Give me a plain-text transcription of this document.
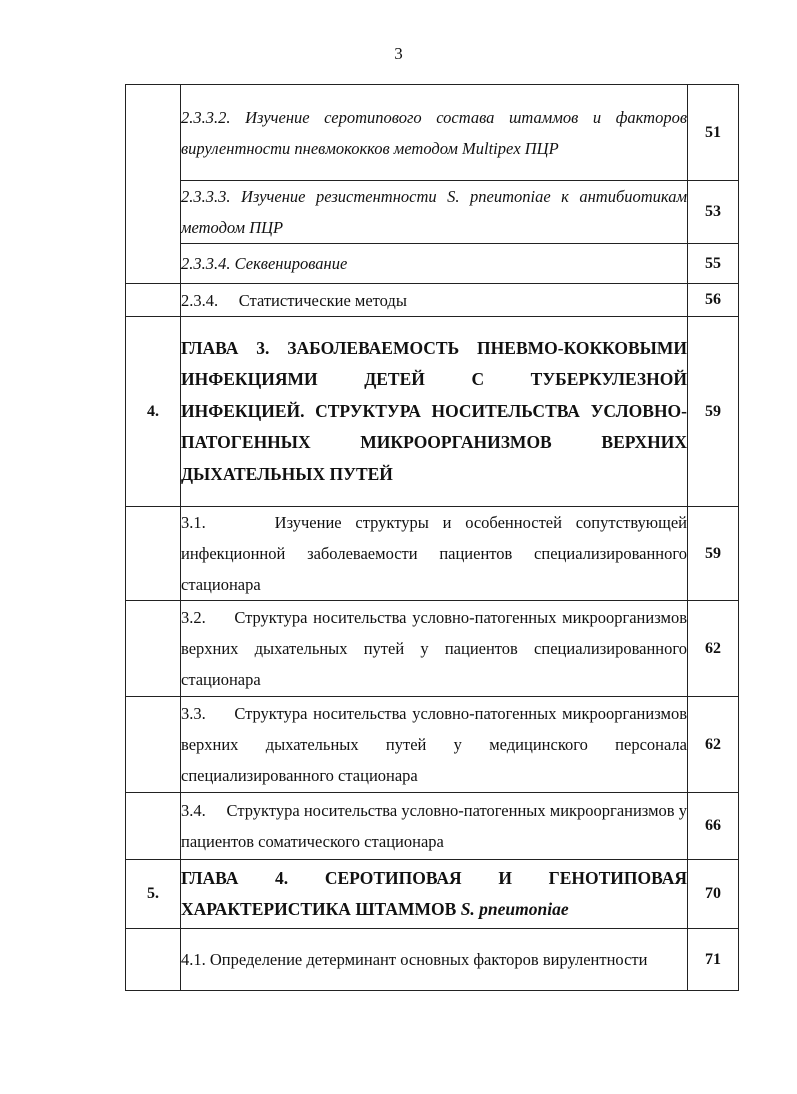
3
	2.3.3.2. Изучение серотипового состава штаммов и факторов вирулентности пневмококков методом Multipex ПЦР	51
	2.3.3.3. Изучение резистентности S. pneumoniae к антибиотикам методом ПЦР	53
	2.3.3.4. Секвенирование	55
	2.3.4.     Статистические методы	56
4.	ГЛАВА 3. ЗАБОЛЕВАЕМОСТЬ ПНЕВМО-КОККОВЫМИ ИНФЕКЦИЯМИ ДЕТЕЙ С ТУБЕРКУЛЕЗНОЙ ИНФЕКЦИЕЙ. СТРУКТУРА НОСИТЕЛЬСТВА УСЛОВНО-ПАТОГЕННЫХ МИКРООРГАНИЗМОВ ВЕРХНИХ ДЫХАТЕЛЬНЫХ ПУТЕЙ	59
	3.1.     Изучение структуры и особенностей сопутствующей инфекционной заболеваемости пациентов специализированного стационара	59
	3.2.     Структура носительства условно-патогенных микроорганизмов верхних дыхательных путей у пациентов специализированного стационара	62
	3.3.     Структура носительства условно-патогенных микроорганизмов верхних дыхательных путей у медицинского персонала специализированного стационара	62
	3.4.     Структура носительства условно-патогенных микроорганизмов у пациентов соматического стационара	66
5.	ГЛАВА 4. СЕРОТИПОВАЯ И ГЕНОТИПОВАЯ ХАРАКТЕРИСТИКА ШТАММОВ S. pneumoniae	70
	4.1. Определение детерминант основных факторов вирулентности	71
